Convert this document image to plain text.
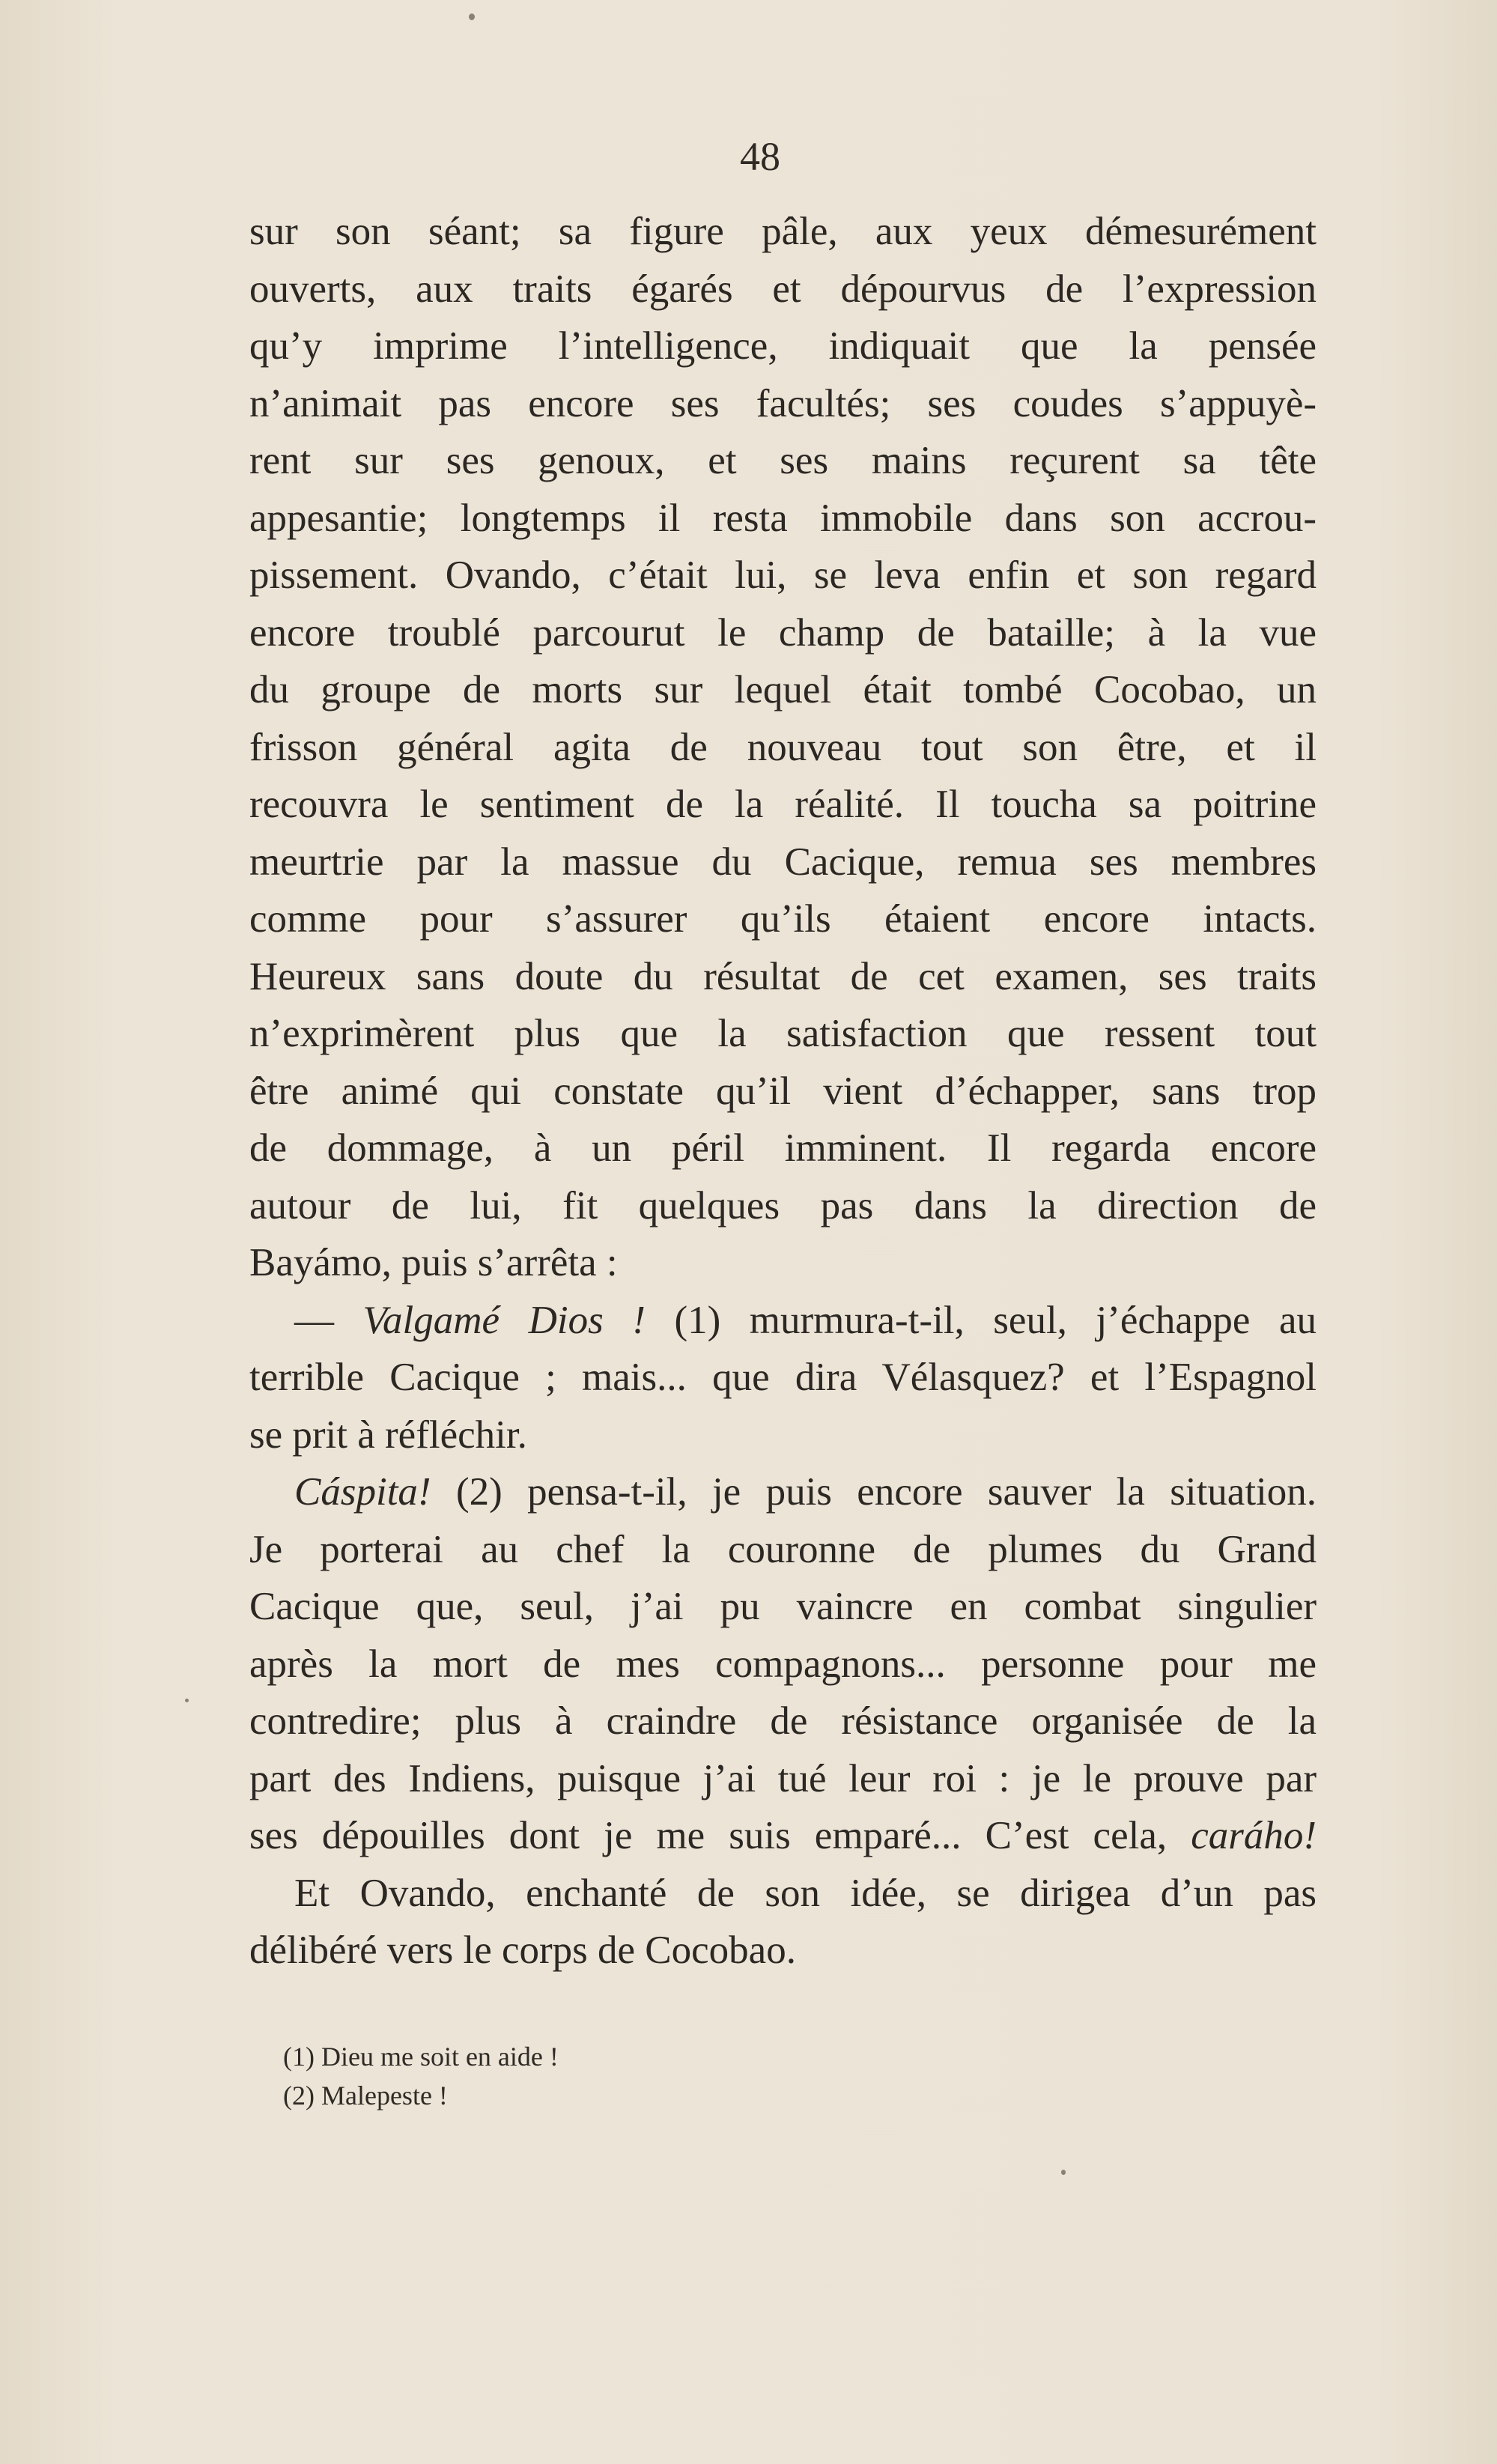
48
sur son séant; sa figure pâle, aux yeux démesurément
ouverts, aux traits égarés et dépourvus de l’expression
qu’y imprime l’intelligence, indiquait que la pensée
n’animait pas encore ses facultés; ses coudes s’appuyè-
rent sur ses genoux, et ses mains reçurent sa tête
appesantie; longtemps il resta immobile dans son accrou-
pissement. Ovando, c’était lui, se leva enfin et son regard
encore troublé parcourut le champ de bataille; à la vue
du groupe de morts sur lequel était tombé Cocobao, un
frisson général agita de nouveau tout son être, et il
recouvra le sentiment de la réalité. Il toucha sa poitrine
meurtrie par la massue du Cacique, remua ses membres
comme pour s’assurer qu’ils étaient encore intacts.
Heureux sans doute du résultat de cet examen, ses traits
n’exprimèrent plus que la satisfaction que ressent tout
être animé qui constate qu’il vient d’échapper, sans trop
de dommage, à un péril imminent. Il regarda encore
autour de lui, fit quelques pas dans la direction de
Bayámo, puis s’arrêta :
— Valgamé Dios ! (1) murmura-t-il, seul, j’échappe au
terrible Cacique ; mais... que dira Vélasquez? et l’Espagnol
se prit à réfléchir.
Cáspita! (2) pensa-t-il, je puis encore sauver la situation.
Je porterai au chef la couronne de plumes du Grand
Cacique que, seul, j’ai pu vaincre en combat singulier
après la mort de mes compagnons... personne pour me
contredire; plus à craindre de résistance organisée de la
part des Indiens, puisque j’ai tué leur roi : je le prouve par
ses dépouilles dont je me suis emparé... C’est cela, caráho!
Et Ovando, enchanté de son idée, se dirigea d’un pas
délibéré vers le corps de Cocobao.
(1) Dieu me soit en aide !
(2) Malepeste !
